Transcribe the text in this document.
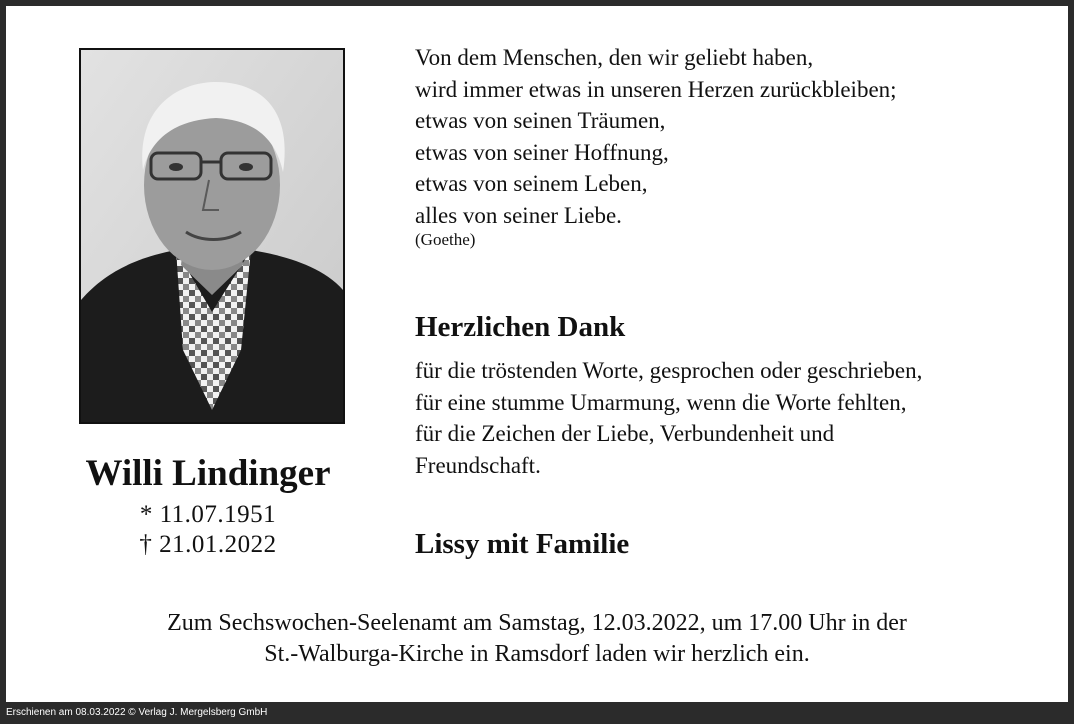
Willi Lindinger
* 11.07.1951
† 21.01.2022
Von dem Menschen, den wir geliebt haben,
wird immer etwas in unseren Herzen zurückbleiben;
etwas von seinen Träumen,
etwas von seiner Hoffnung,
etwas von seinem Leben,
alles von seiner Liebe.
(Goethe)
Herzlichen Dank
für die tröstenden Worte, gesprochen oder geschrieben,
für eine stumme Umarmung, wenn die Worte fehlten,
für die Zeichen der Liebe, Verbundenheit und
Freundschaft.
Lissy mit Familie
Zum Sechswochen-Seelenamt am Samstag, 12.03.2022, um 17.00 Uhr in der
St.-Walburga-Kirche in Ramsdorf laden wir herzlich ein.
Erschienen am 08.03.2022 © Verlag J. Mergelsberg GmbH
